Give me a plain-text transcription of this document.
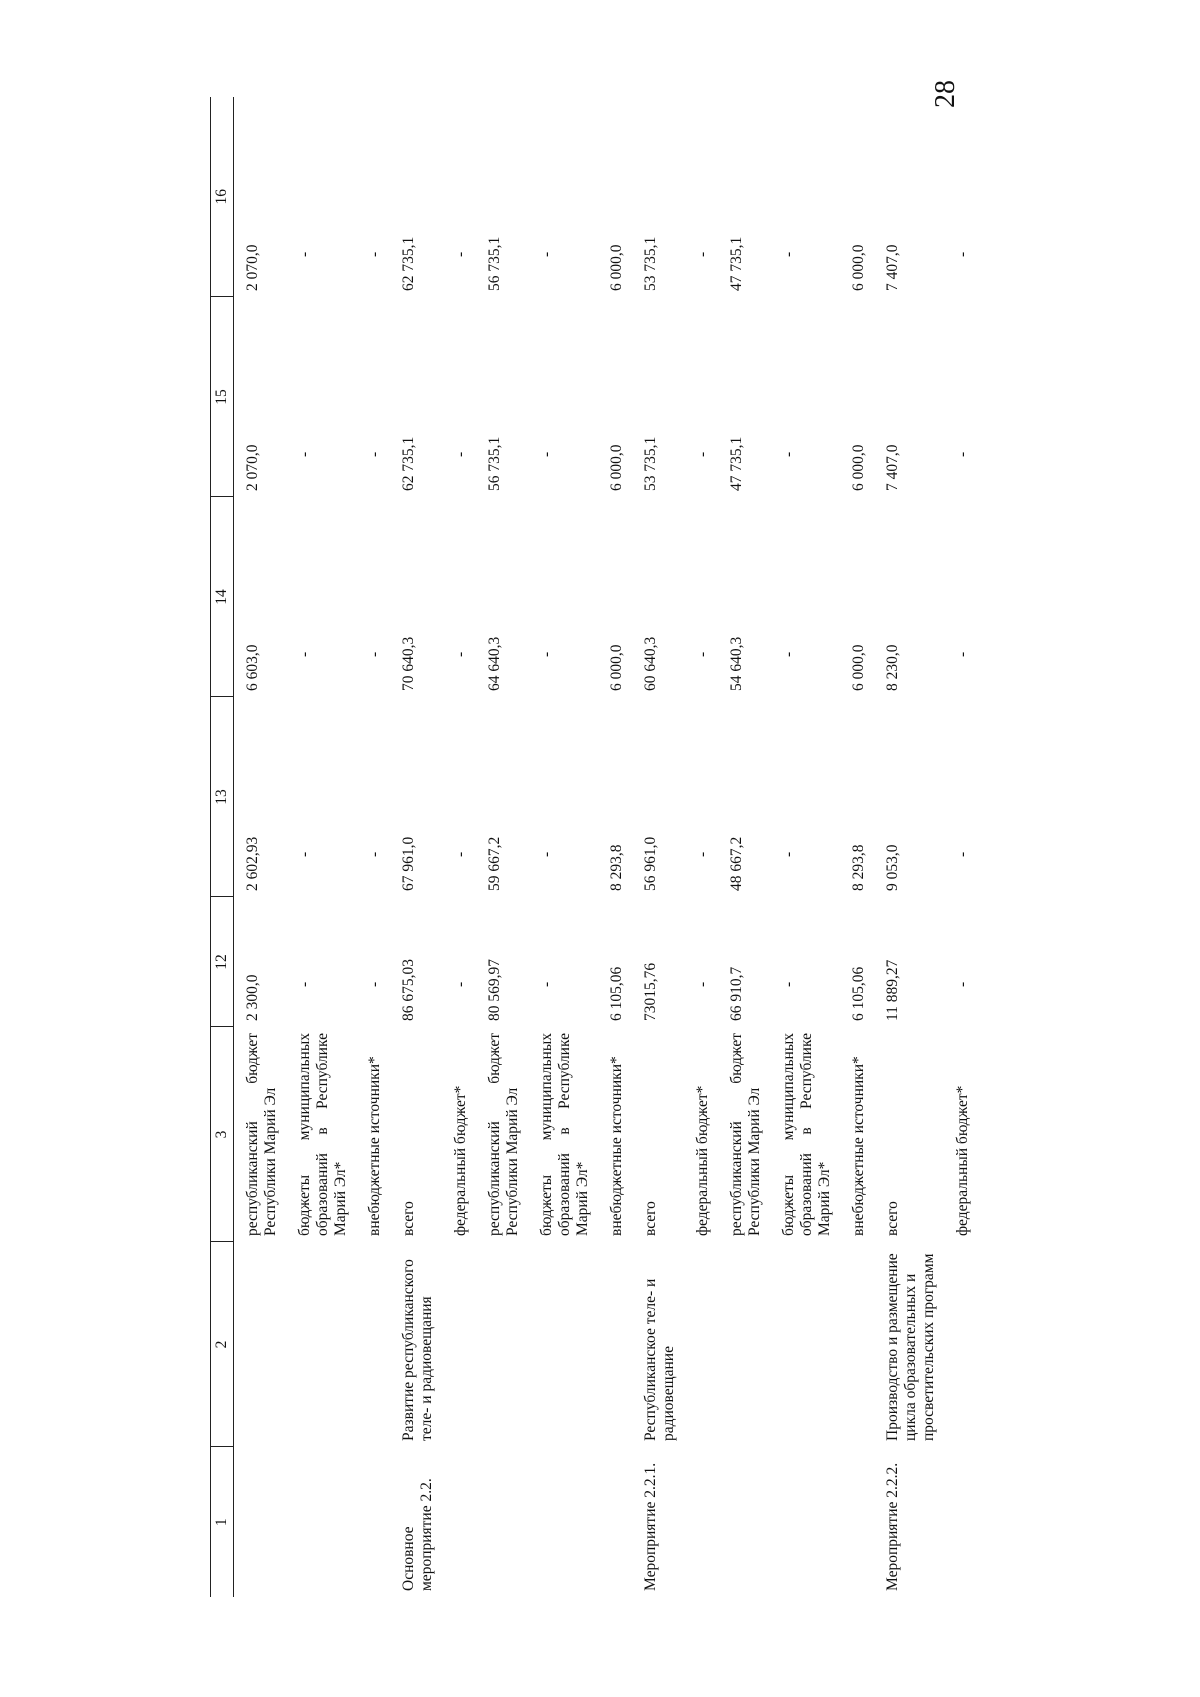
28
1	2	3	12	13	14	15	16
		республиканский бюджет Республики Марий Эл	2 300,0	2 602,93	6 603,0	2 070,0	2 070,0
		бюджеты муниципальных образований в Республике Марий Эл*	-	-	-	-	-
		внебюджетные источники*	-	-	-	-	-
Основное мероприятие 2.2.	Развитие республиканского теле- и радиовещания	всего	86 675,03	67 961,0	70 640,3	62 735,1	62 735,1
		федеральный бюджет*	-	-	-	-	-
		республиканский бюджет Республики Марий Эл	80 569,97	59 667,2	64 640,3	56 735,1	56 735,1
		бюджеты муниципальных образований в Республике Марий Эл*	-	-	-	-	-
		внебюджетные источники*	6 105,06	8 293,8	6 000,0	6 000,0	6 000,0
Мероприятие 2.2.1.	Республиканское теле- и радиовещание	всего	73015,76	56 961,0	60 640,3	53 735,1	53 735,1
		федеральный бюджет*	-	-	-	-	-
		республиканский бюджет Республики Марий Эл	66 910,7	48 667,2	54 640,3	47 735,1	47 735,1
		бюджеты муниципальных образований в Республике Марий Эл*	-	-	-	-	-
		внебюджетные источники*	6 105,06	8 293,8	6 000,0	6 000,0	6 000,0
Мероприятие 2.2.2.	Производство и размещение цикла образовательных и просветительских программ	всего	11 889,27	9 053,0	8 230,0	7 407,0	7 407,0
		федеральный бюджет*	-	-	-	-	-
